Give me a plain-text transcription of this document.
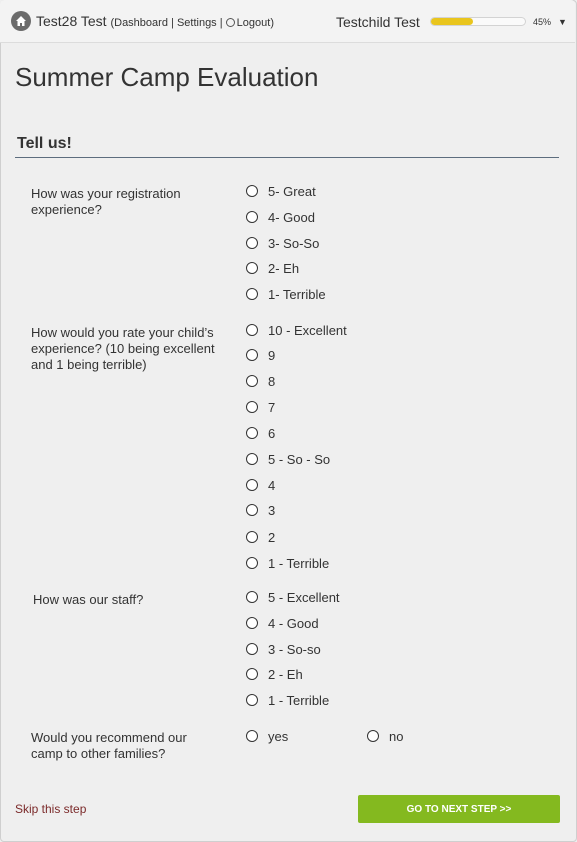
Test28 Test (Dashboard | Settings | Logout)	Testchild Test	45% ▼
Summer Camp Evaluation
Tell us!
How was your registration experience?
5- Great
4- Good
3- So-So
2- Eh
1- Terrible
How would you rate your child’s experience? (10 being excellent and 1 being terrible)
10 - Excellent
9
8
7
6
5 - So - So
4
3
2
1 - Terrible
How was our staff?	5 - Excellent
4 - Good
3 - So-so
2 - Eh
1 - Terrible
Would you recommend our camp to other families?
yes	no
Skip this step	GO TO NEXT STEP >>
